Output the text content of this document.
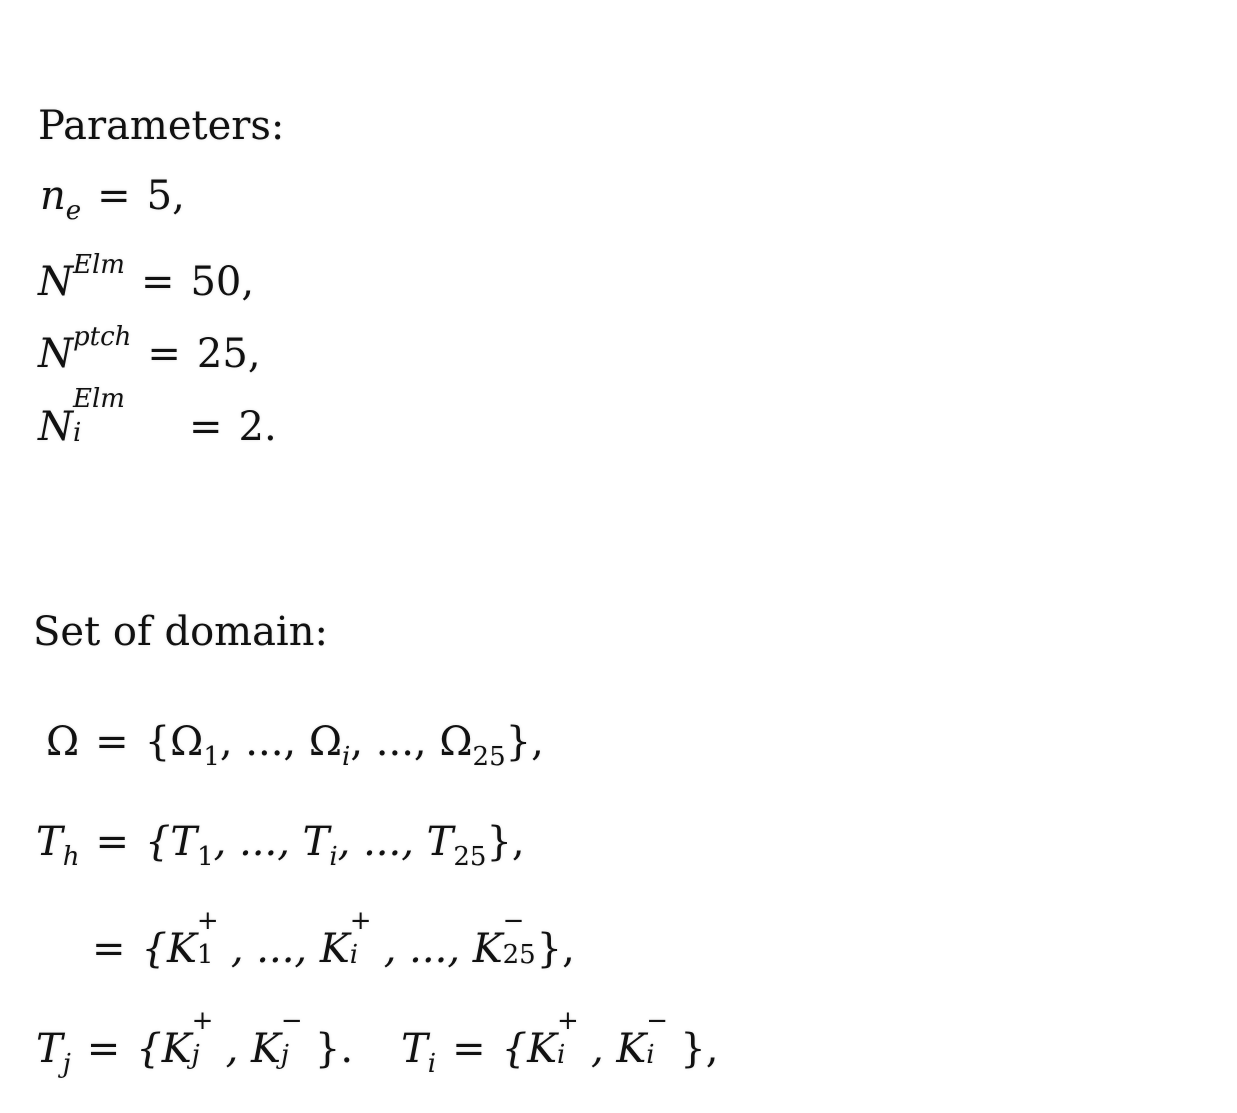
Parameters:
$n_e = 5$,
$N^{Elm} = 50$,
$N^{ptch} = 25$,
N
Elm
i	= 2.
Set of domain:
$\Omega = \{\Omega_1$, ..., $\Omega_i$, ..., $\Omega_{25}$},
$T_h = \{T_1$, ..., $T_i$, ..., $T_{25}$},
= {K
+
1 , ..., K
+
i , ..., K
−
25 },
$T_j = \{K$
+
j , K
−
j }. $T_i = \{K$
+
i , K
−
i },
